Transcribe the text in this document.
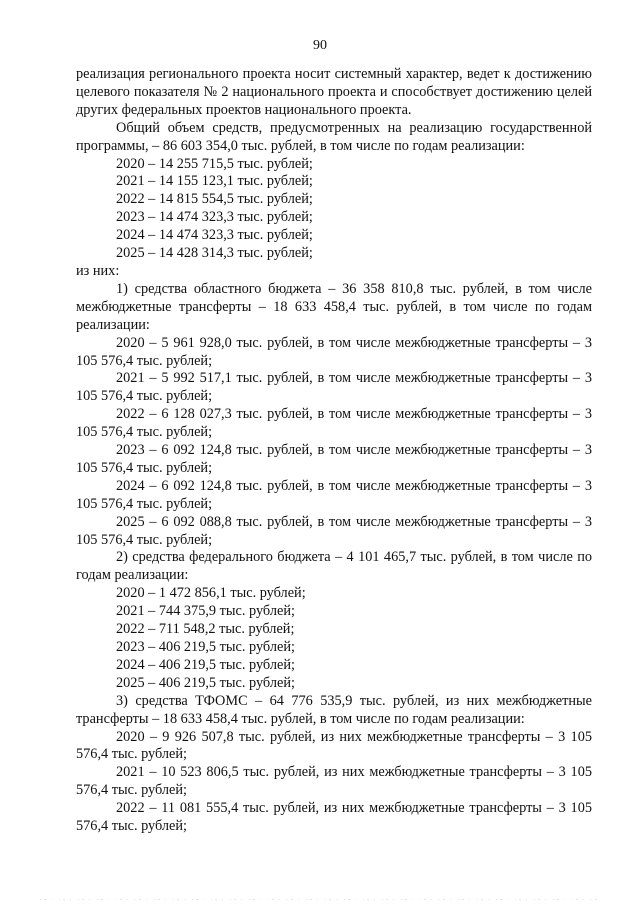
90

реализация регионального проекта носит системный характер, ведет к достижению целевого показателя № 2 национального проекта и способствует достижению целей других федеральных проектов национального проекта.

Общий объем средств, предусмотренных на реализацию государственной программы, – 86 603 354,0 тыс. рублей, в том числе по годам реализации:

2020 – 14 255 715,5 тыс. рублей;

2021 – 14 155 123,1 тыс. рублей;

2022 – 14 815 554,5 тыс. рублей;

2023 – 14 474 323,3 тыс. рублей;

2024 – 14 474 323,3 тыс. рублей;

2025 – 14 428 314,3 тыс. рублей;

из них:

1) средства областного бюджета – 36 358 810,8 тыс. рублей, в том числе межбюджетные трансферты – 18 633 458,4 тыс. рублей, в том числе по годам реализации:

2020 – 5 961 928,0 тыс. рублей, в том числе межбюджетные трансферты – 3 105 576,4 тыс. рублей;

2021 – 5 992 517,1 тыс. рублей, в том числе межбюджетные трансферты – 3 105 576,4 тыс. рублей;

2022 – 6 128 027,3 тыс. рублей, в том числе межбюджетные трансферты – 3 105 576,4 тыс. рублей;

2023 – 6 092 124,8 тыс. рублей, в том числе межбюджетные трансферты – 3 105 576,4 тыс. рублей;

2024 – 6 092 124,8 тыс. рублей, в том числе межбюджетные трансферты – 3 105 576,4 тыс. рублей;

2025 – 6 092 088,8 тыс. рублей, в том числе межбюджетные трансферты – 3 105 576,4 тыс. рублей;

2) средства федерального бюджета – 4 101 465,7 тыс. рублей, в том числе по годам реализации:

2020 – 1 472 856,1 тыс. рублей;

2021 – 744 375,9 тыс. рублей;

2022 – 711 548,2 тыс. рублей;

2023 – 406 219,5 тыс. рублей;

2024 – 406 219,5 тыс. рублей;

2025 – 406 219,5 тыс. рублей;

3) средства ТФОМС – 64 776 535,9 тыс. рублей, из них межбюджетные трансферты – 18 633 458,4 тыс. рублей, в том числе по годам реализации:

2020 – 9 926 507,8 тыс. рублей, из них межбюджетные трансферты – 3 105 576,4 тыс. рублей;

2021 – 10 523 806,5 тыс. рублей, из них межбюджетные трансферты – 3 105 576,4 тыс. рублей;

2022 – 11 081 555,4 тыс. рублей, из них межбюджетные трансферты – 3 105 576,4 тыс. рублей;
